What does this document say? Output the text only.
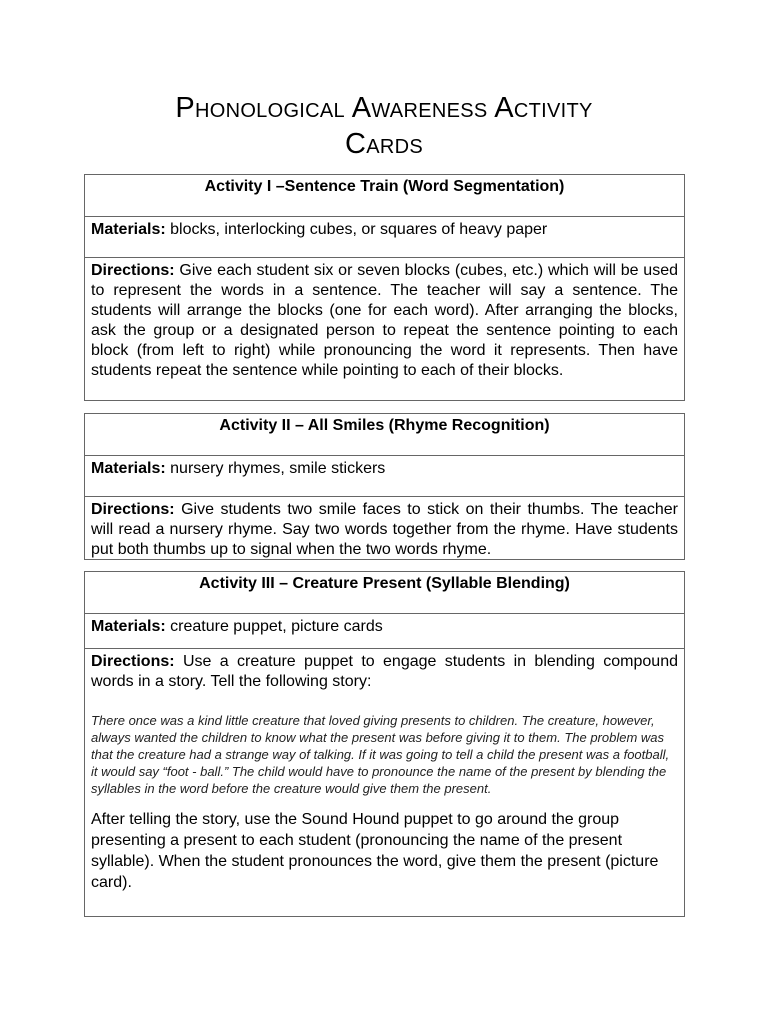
Phonological Awareness Activity
Cards
Activity I –Sentence Train (Word Segmentation)
Materials: blocks, interlocking cubes, or squares of heavy paper
Directions: Give each student six or seven blocks (cubes, etc.) which will be used to represent the words in a sentence. The teacher will say a sentence. The students will arrange the blocks (one for each word). After arranging the blocks, ask the group or a designated person to repeat the sentence pointing to each block (from left to right) while pronouncing the word it represents. Then have students repeat the sentence while pointing to each of their blocks.
Activity II – All Smiles (Rhyme Recognition)
Materials: nursery rhymes, smile stickers
Directions: Give students two smile faces to stick on their thumbs. The teacher will read a nursery rhyme. Say two words together from the rhyme. Have students put both thumbs up to signal when the two words rhyme.
Activity III – Creature Present (Syllable Blending)
Materials: creature puppet, picture cards
Directions: Use a creature puppet to engage students in blending compound words in a story. Tell the following story:
There once was a kind little creature that loved giving presents to children. The creature, however, always wanted the children to know what the present was before giving it to them. The problem was that the creature had a strange way of talking. If it was going to tell a child the present was a football, it would say “foot - ball.” The child would have to pronounce the name of the present by blending the syllables in the word before the creature would give them the present.
After telling the story, use the Sound Hound puppet to go around the group presenting a present to each student (pronouncing the name of the present syllable). When the student pronounces the word, give them the present (picture card).
